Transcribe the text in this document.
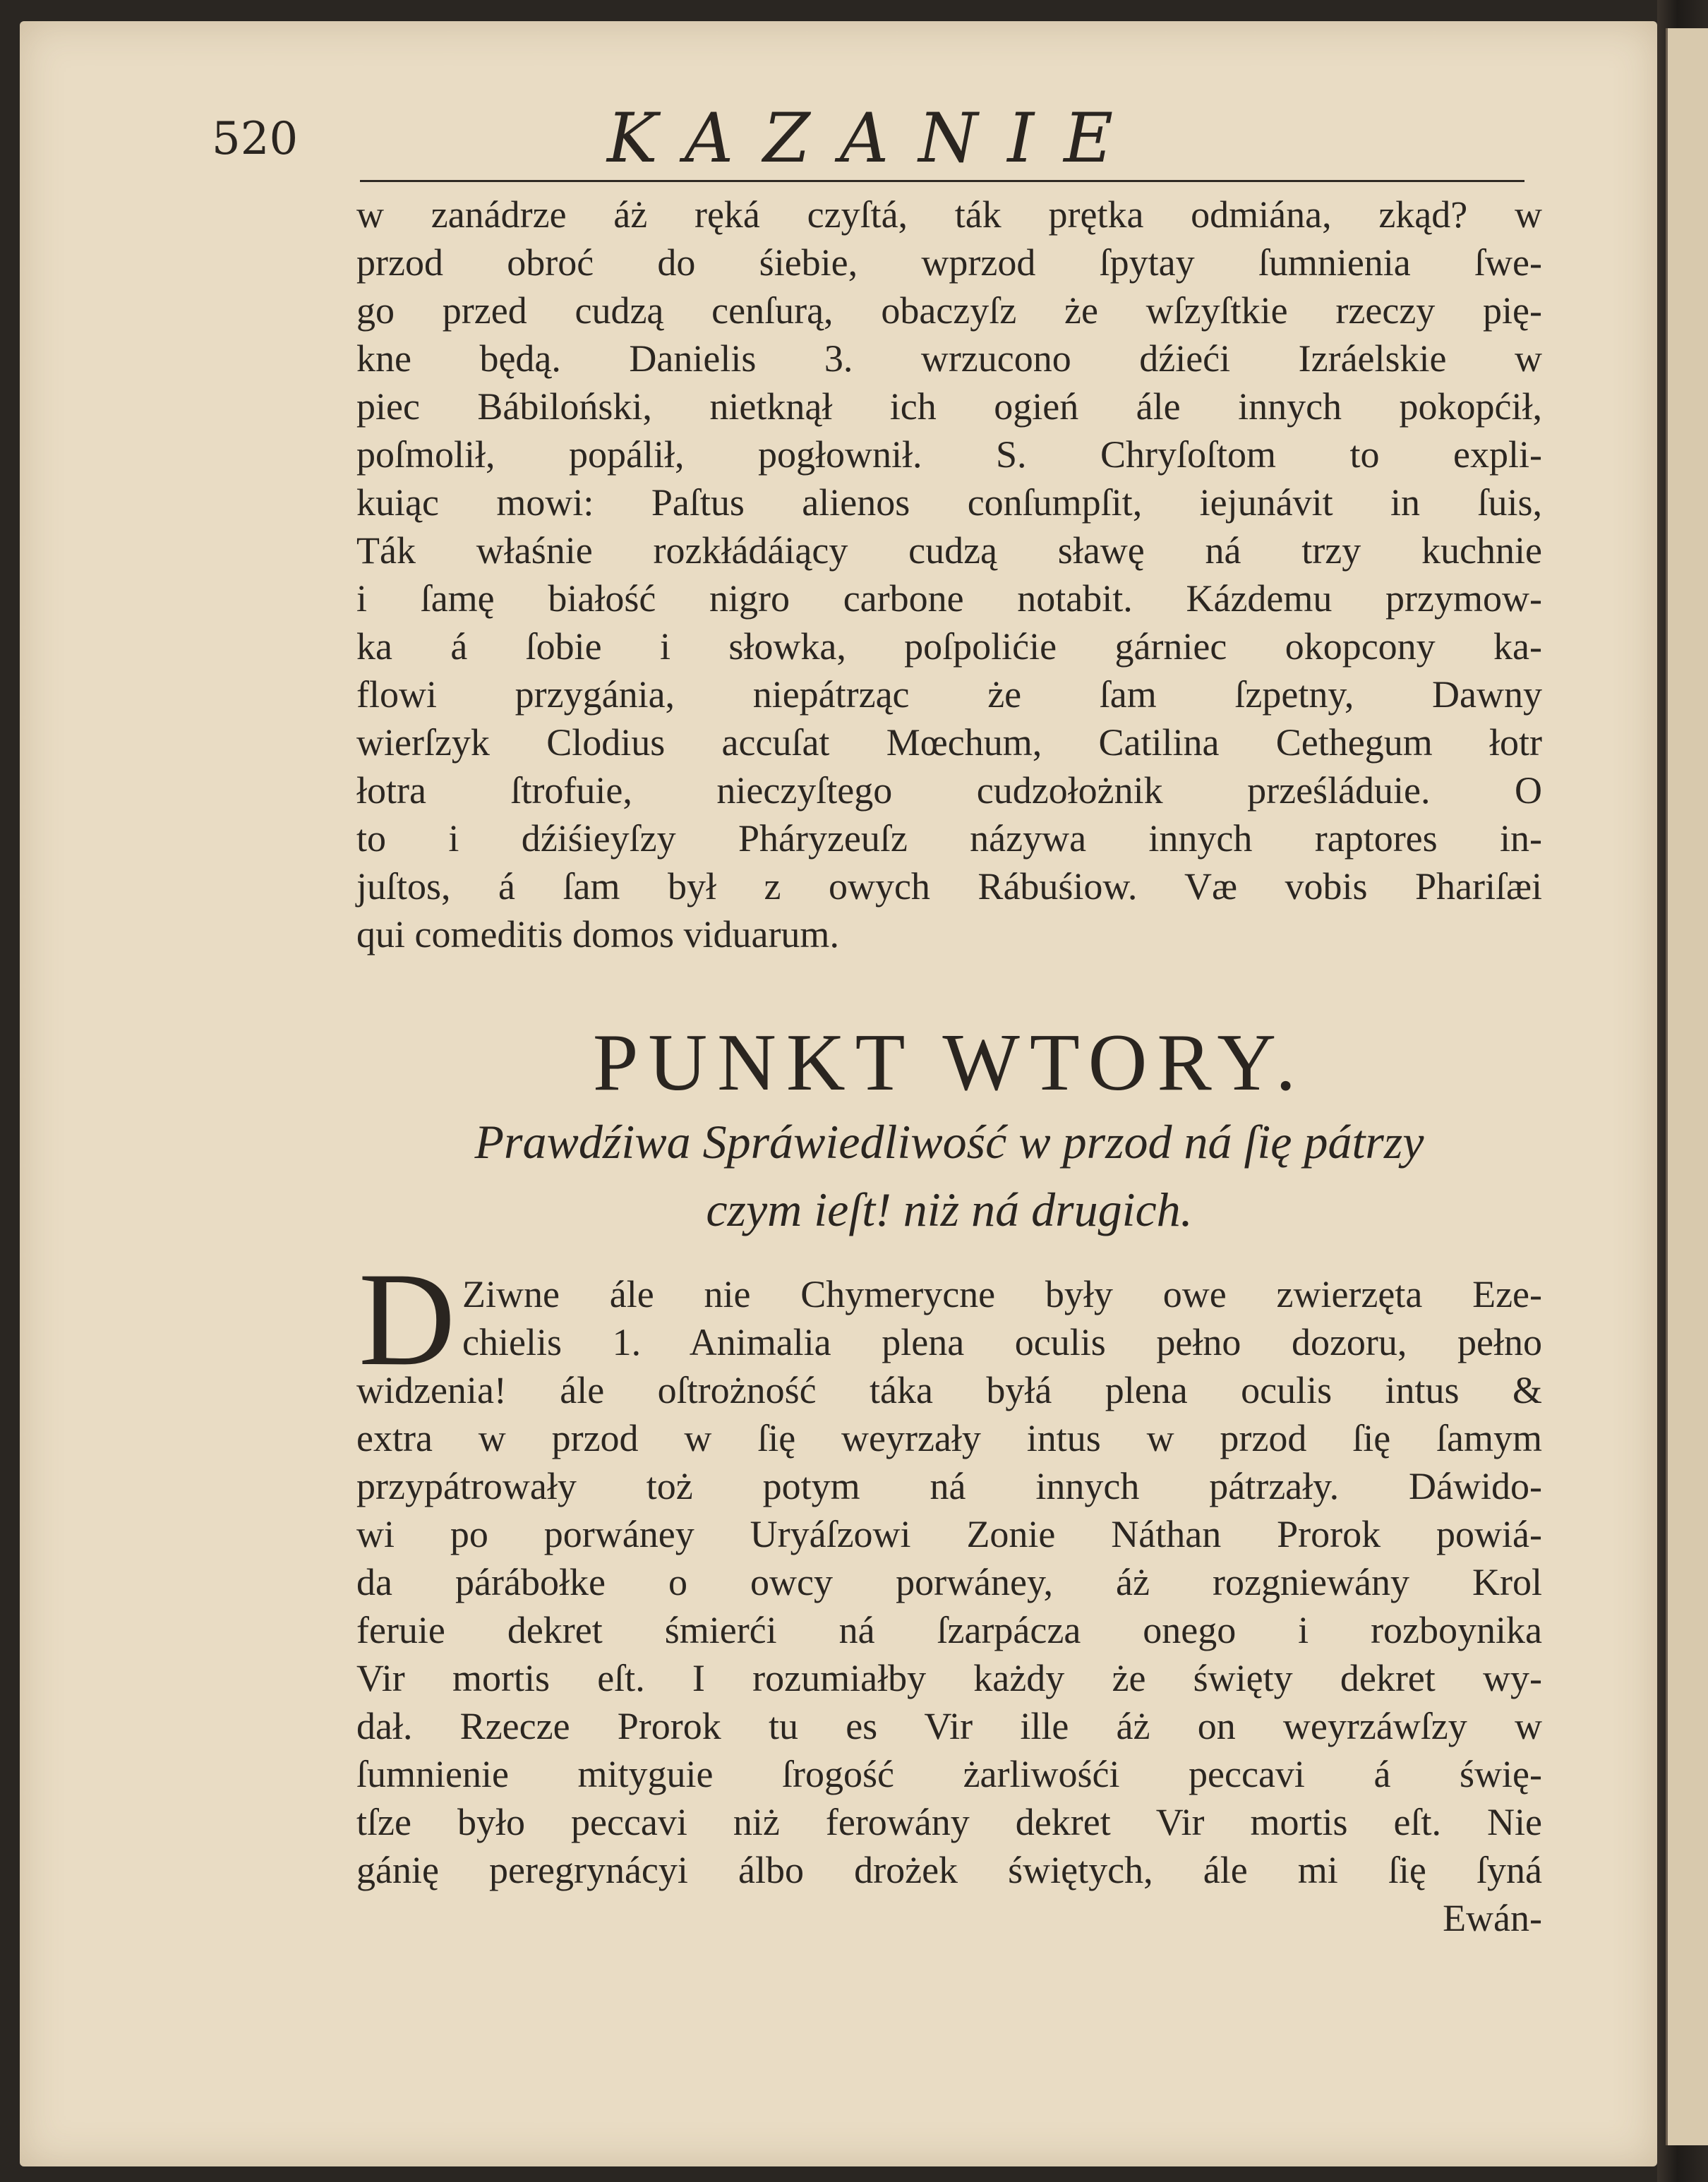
520	KAZANIE
w zanádrze áż ręká czyſtá, ták prętka odmiána, zkąd? w
przod obroć do śiebie, wprzod ſpytay ſumnienia ſwe-
go przed cudzą cenſurą, obaczyſz że wſzyſtkie rzeczy pię-
kne będą. Danielis 3. wrzucono dźieći Izráelskie w
piec Bábiloński, nietknął ich ogień ále innych pokopćił,
poſmolił, popálił, pogłownił. S. Chryſoſtom to expli-
kuiąc mowi: Paſtus alienos conſumpſit, iejunávit in ſuis,
Ták właśnie rozkłádáiący cudzą sławę ná trzy kuchnie
i ſamę białość nigro carbone notabit. Kázdemu przymow-
ka á ſobie i słowka, poſpolićie gárniec okopcony ka-
flowi przygánia, niepátrząc że ſam ſzpetny, Dawny
wierſzyk Clodius accuſat Mœchum, Catilina Cethegum łotr
łotra ſtrofuie, nieczyſtego cudzołożnik prześláduie. O
to i dźiśieyſzy Pháryzeuſz názywa innych raptores in-
juſtos, á ſam był z owych Rábuśiow. Væ vobis Phariſæi
qui comeditis domos viduarum.
PUNKT WTORY.
Prawdźiwa Spráwiedliwość w przod ná ſię pátrzy
czym ieſt! niż ná drugich.
D Ziwne ále nie Chymerycne były owe zwierzęta Eze-
chielis 1. Animalia plena oculis pełno dozoru, pełno
widzenia! ále oſtrożność táka byłá plena oculis intus &
extra w przod w ſię weyrzały intus w przod ſię ſamym
przypátrowały toż potym ná innych pátrzały. Dáwido-
wi po porwáney Uryáſzowi Zonie Náthan Prorok powiá-
da párábołke o owcy porwáney, áż rozgniewány Krol
feruie dekret śmierći ná ſzarpácza onego i rozboynika
Vir mortis eſt. I rozumiałby każdy że święty dekret wy-
dał. Rzecze Prorok tu es Vir ille áż on weyrzáwſzy w
ſumnienie mityguie ſrogość żarliwośći peccavi á świę-
tſze było peccavi niż ferowány dekret Vir mortis eſt. Nie
gánię peregrynácyi álbo drożek świętych, ále mi ſię ſyná
Ewán-
